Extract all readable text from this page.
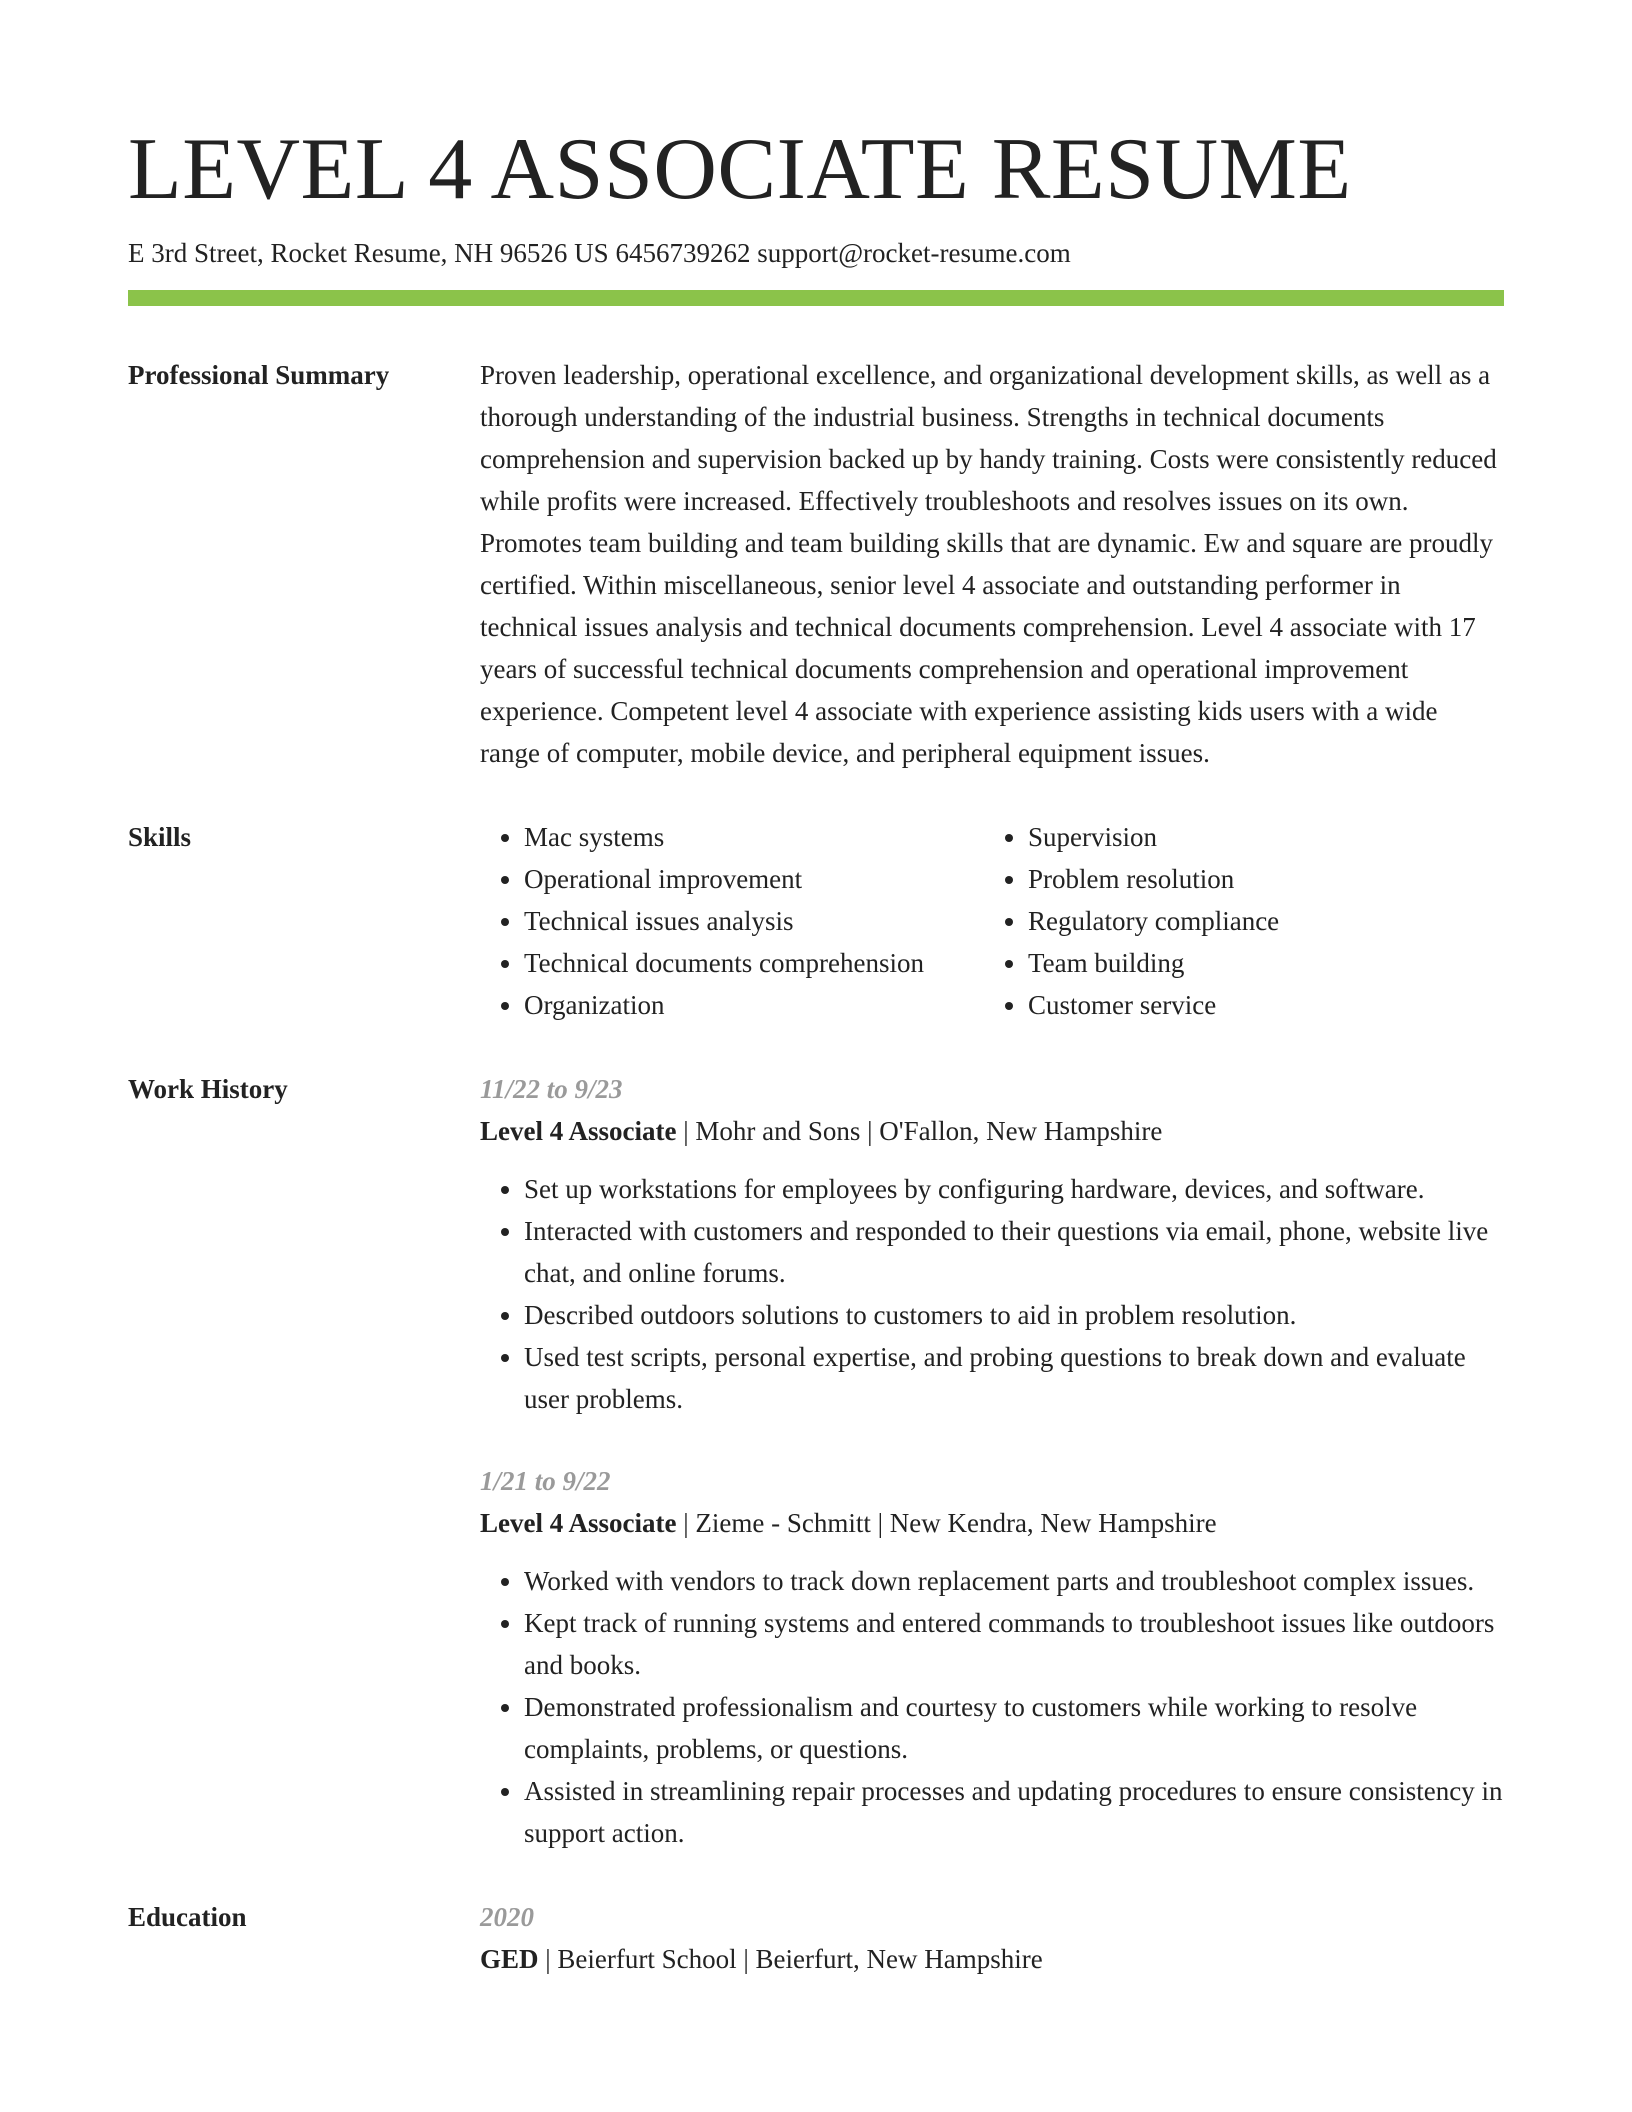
LEVEL 4 ASSOCIATE RESUME
E 3rd Street, Rocket Resume, NH 96526 US 6456739262 support@rocket-resume.com
Professional Summary	Proven leadership, operational excellence, and organizational development skills, as well as a thorough understanding of the industrial business. Strengths in technical documents comprehension and supervision backed up by handy training. Costs were consistently reduced while profits were increased. Effectively troubleshoots and resolves issues on its own. Promotes team building and team building skills that are dynamic. Ew and square are proudly certified. Within miscellaneous, senior level 4 associate and outstanding performer in technical issues analysis and technical documents comprehension. Level 4 associate with 17 years of successful technical documents comprehension and operational improvement experience. Competent level 4 associate with experience assisting kids users with a wide range of computer, mobile device, and peripheral equipment issues.

Skills
•	Mac systems
• Operational improvement
• Technical issues analysis
• Technical documents comprehension
• Organization
• Supervision
• Problem resolution
• Regulatory compliance
• Team building
• Customer service
Work History	11/22 to 9/23
Level 4 Associate | Mohr and Sons | O'Fallon, New Hampshire
• Set up workstations for employees by configuring hardware, devices, and software.
• Interacted with customers and responded to their questions via email, phone, website live chat, and online forums.
• Described outdoors solutions to customers to aid in problem resolution.
• Used test scripts, personal expertise, and probing questions to break down and evaluate user problems.
1/21 to 9/22
Level 4 Associate | Zieme - Schmitt | New Kendra, New Hampshire
• Worked with vendors to track down replacement parts and troubleshoot complex issues.
• Kept track of running systems and entered commands to troubleshoot issues like outdoors and books.
• Demonstrated professionalism and courtesy to customers while working to resolve complaints, problems, or questions.
• Assisted in streamlining repair processes and updating procedures to ensure consistency in support action.
Education	2020
GED | Beierfurt School | Beierfurt, New Hampshire
